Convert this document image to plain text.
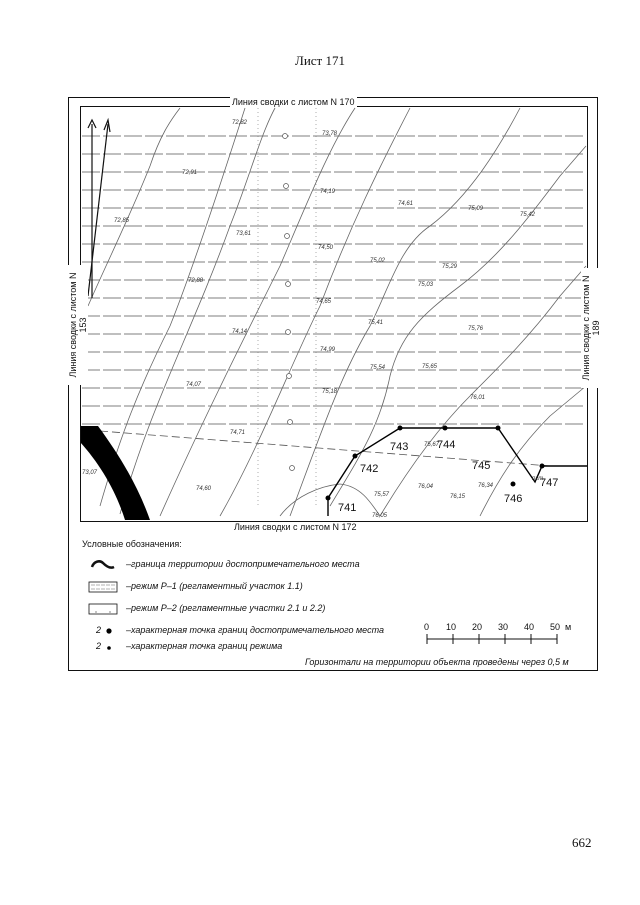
Лист 171
741
742
743	744
745
746
747
пгт
72,82
73,78
72,91
74,19
74,61
75,09
75,42
72,85
73,61
74,50
75,02
75,29
72,88
75,03
74,65
75,41
75,76
74,14
74,99
75,54	75,65
74,07
75,18
76,01
74,71
75,67
73,07
74,60
75,57
76,04
76,15
76,34
76,05
Линия сводки с листом N 170
Линия сводки с листом N 172
Линия сводки с листом N 153	Линия сводки с листом N 189
Условные обозначения:
–граница территории достопримечательного места
–режим Р–1 (регламентный участок 1.1)
–режим Р–2 (регламентные участки 2.1 и 2.2)
2	–характерная точка границ достопримечательного места
2	–характерная точка границ режима
0 10 20 30 40 50 м
Горизонтали на территории объекта проведены через 0,5 м
662
